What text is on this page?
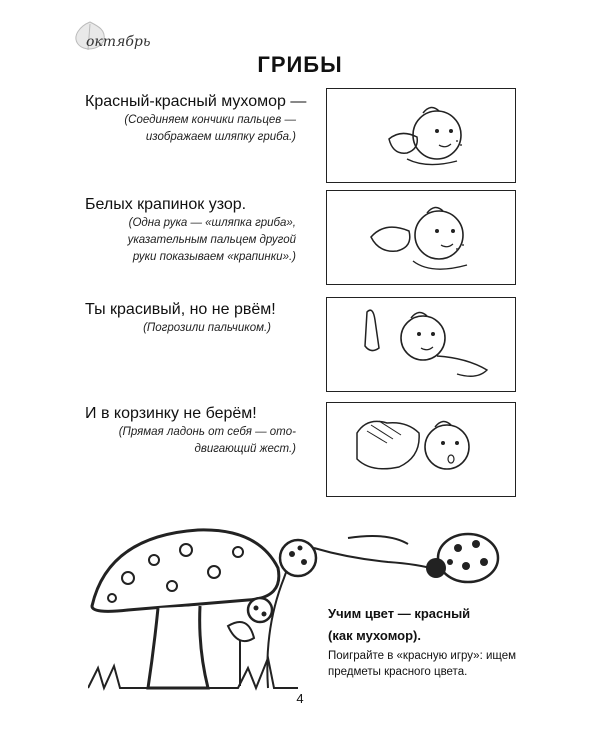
октябрь
ГРИБЫ
Красный-красный мухомор —
(Соединяем кончики пальцев —
изображаем шляпку гриба.)
Белых крапинок узор.
(Одна рука — «шляпка гриба»,
указательным пальцем другой
руки показываем «крапинки».)
Ты красивый, но не рвём!
(Погрозили пальчиком.)
И в корзинку не берём!
(Прямая ладонь от себя — отo-
двигающий жест.)
Учим цвет — красный
(как мухомор).
Поиграйте в «красную игру»: ищем
предметы красного цвета.
4
